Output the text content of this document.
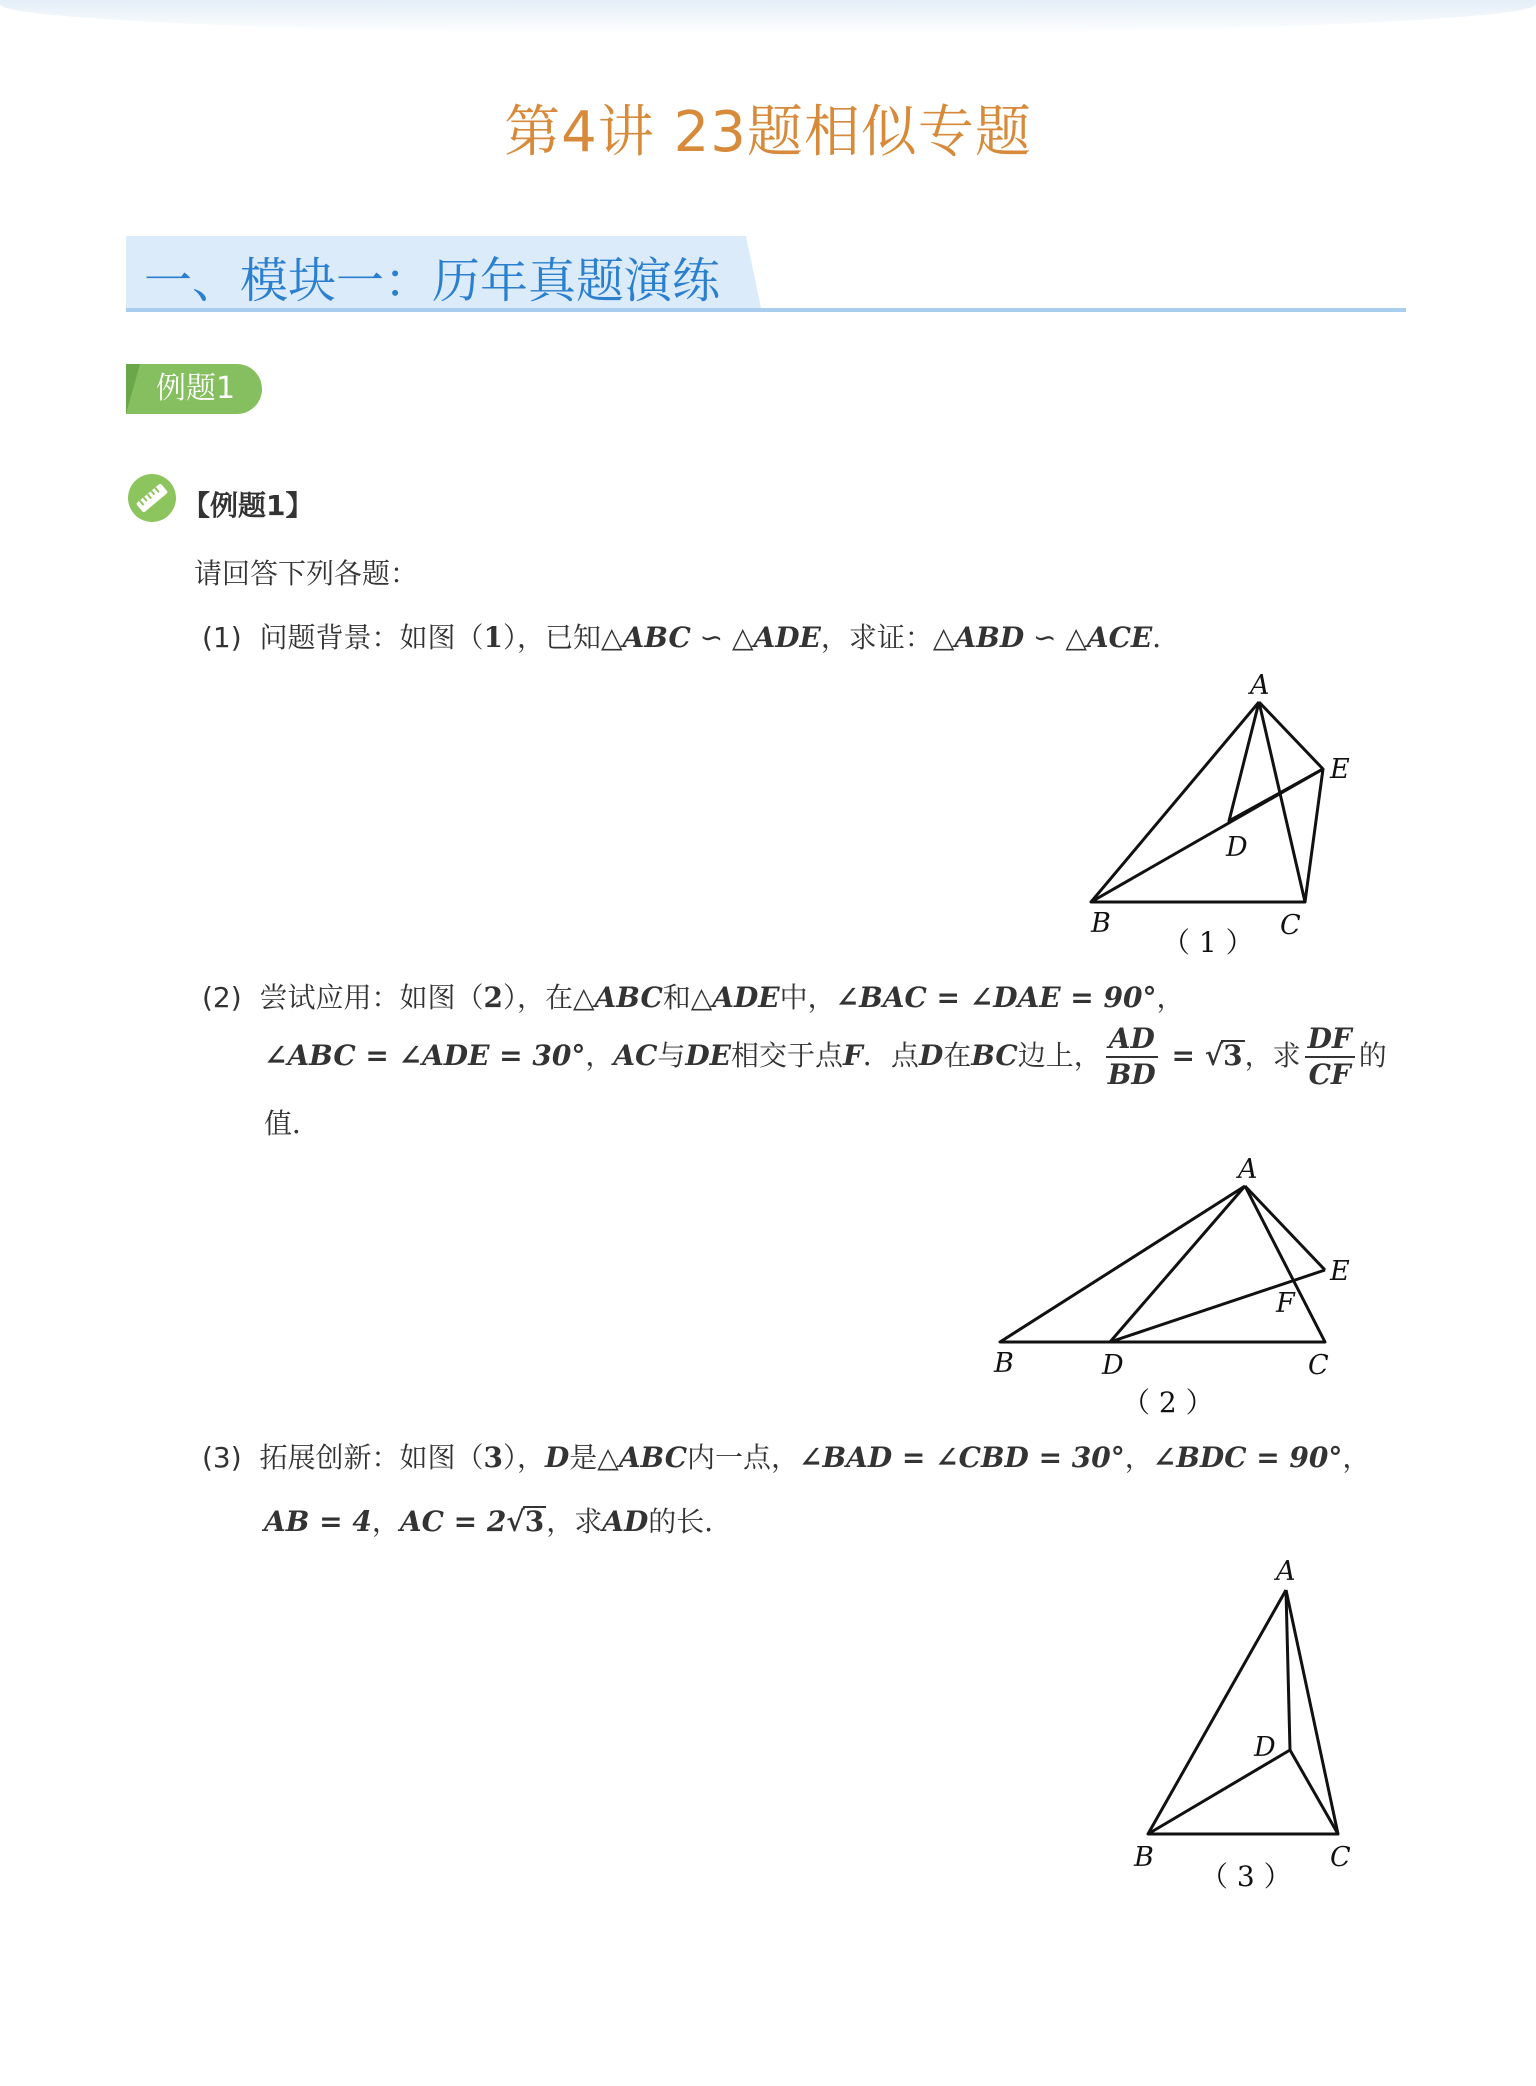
第4讲 23题相似专题
一、模块一：历年真题演练
例题1
【例题1】
请回答下列各题：
(1) 问题背景：如图（1），已知△ABC ∽ △ADE，求证：△ABD ∽ △ACE．
A
B	C
D
E
（ 1 ）
(2) 尝试应用：如图（2），在△ABC和△ADE中，∠BAC = ∠DAE = 90°，
∠ABC = ∠ADE = 30°，AC与DE相交于点F．点D在BC边上， $\frac{AD}{BD} = √3$，求 $\frac{DF}{CF}$ 的
值．
A
B	C
D
E
F
（ 2 ）
(3) 拓展创新：如图（3），D是△ABC内一点，∠BAD = ∠CBD = 30°，∠BDC = 90°，
AB = 4，AC = 2√3，求AD的长．
A
B	C
D
（ 3 ）
